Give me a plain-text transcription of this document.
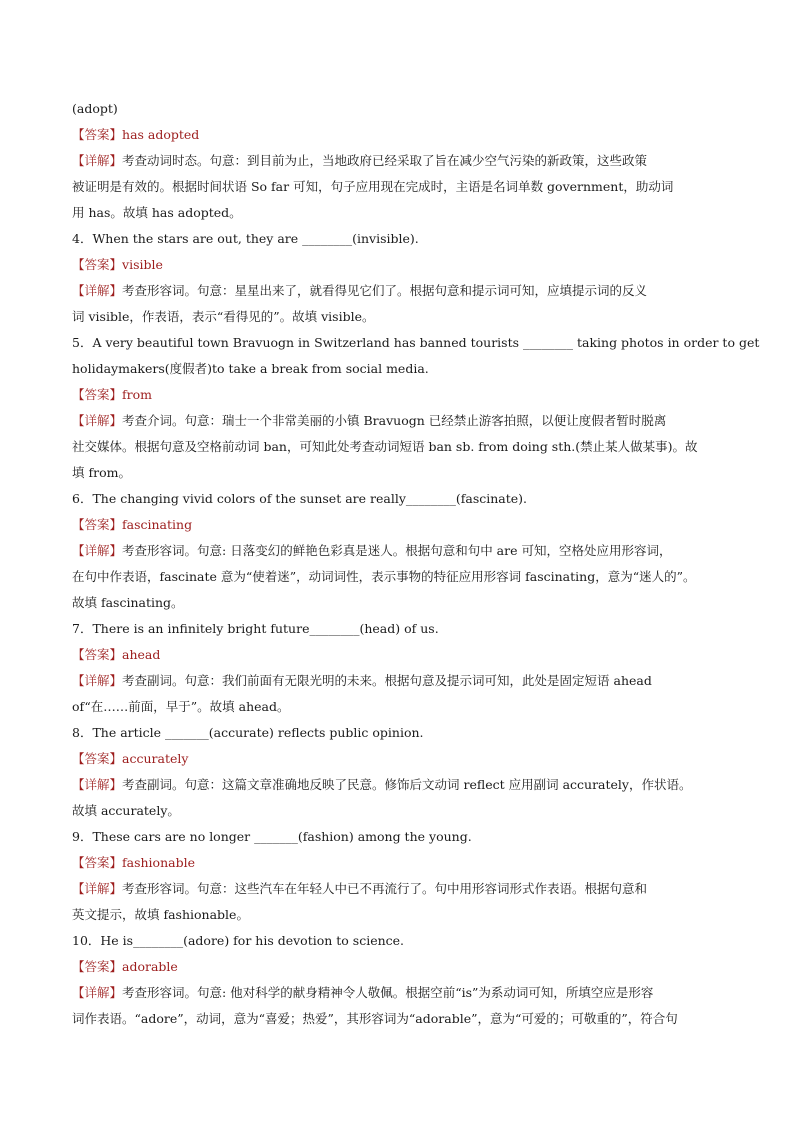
(adopt)
【答案】has adopted
【详解】考查动词时态。句意：到目前为止，当地政府已经采取了旨在减少空气污染的新政策，这些政策
被证明是有效的。根据时间状语 So far 可知，句子应用现在完成时，主语是名词单数 government，助动词
用 has。故填 has adopted。
4．When the stars are out, they are ________(invisible).
【答案】visible
【详解】考查形容词。句意：星星出来了，就看得见它们了。根据句意和提示词可知，应填提示词的反义
词 visible，作表语，表示“看得见的”。故填 visible。
5．A very beautiful town Bravuogn in Switzerland has banned tourists ________ taking photos in order to get
holidaymakers(度假者)to take a break from social media.
【答案】from
【详解】考查介词。句意：瑞士一个非常美丽的小镇 Bravuogn 已经禁止游客拍照，以便让度假者暂时脱离
社交媒体。根据句意及空格前动词 ban，可知此处考查动词短语 ban sb. from doing sth.(禁止某人做某事)。故
填 from。
6．The changing vivid colors of the sunset are really________(fascinate).
【答案】fascinating
【详解】考查形容词。句意: 日落变幻的鲜艳色彩真是迷人。根据句意和句中 are 可知，空格处应用形容词，
在句中作表语，fascinate 意为“使着迷”，动词词性，表示事物的特征应用形容词 fascinating，意为“迷人的”。
故填 fascinating。
7．There is an infinitely bright future________(head) of us.
【答案】ahead
【详解】考查副词。句意：我们前面有无限光明的未来。根据句意及提示词可知，此处是固定短语 ahead
of“在……前面，早于”。故填 ahead。
8．The article _______(accurate) reflects public opinion.
【答案】accurately
【详解】考查副词。句意：这篇文章准确地反映了民意。修饰后文动词 reflect 应用副词 accurately，作状语。
故填 accurately。
9．These cars are no longer _______(fashion) among the young.
【答案】fashionable
【详解】考查形容词。句意：这些汽车在年轻人中已不再流行了。句中用形容词形式作表语。根据句意和
英文提示，故填 fashionable。
10．He is________(adore) for his devotion to science.
【答案】adorable
【详解】考查形容词。句意: 他对科学的献身精神令人敬佩。根据空前“is”为系动词可知，所填空应是形容
词作表语。“adore”，动词，意为“喜爱；热爱”，其形容词为“adorable”，意为“可爱的；可敬重的”，符合句
